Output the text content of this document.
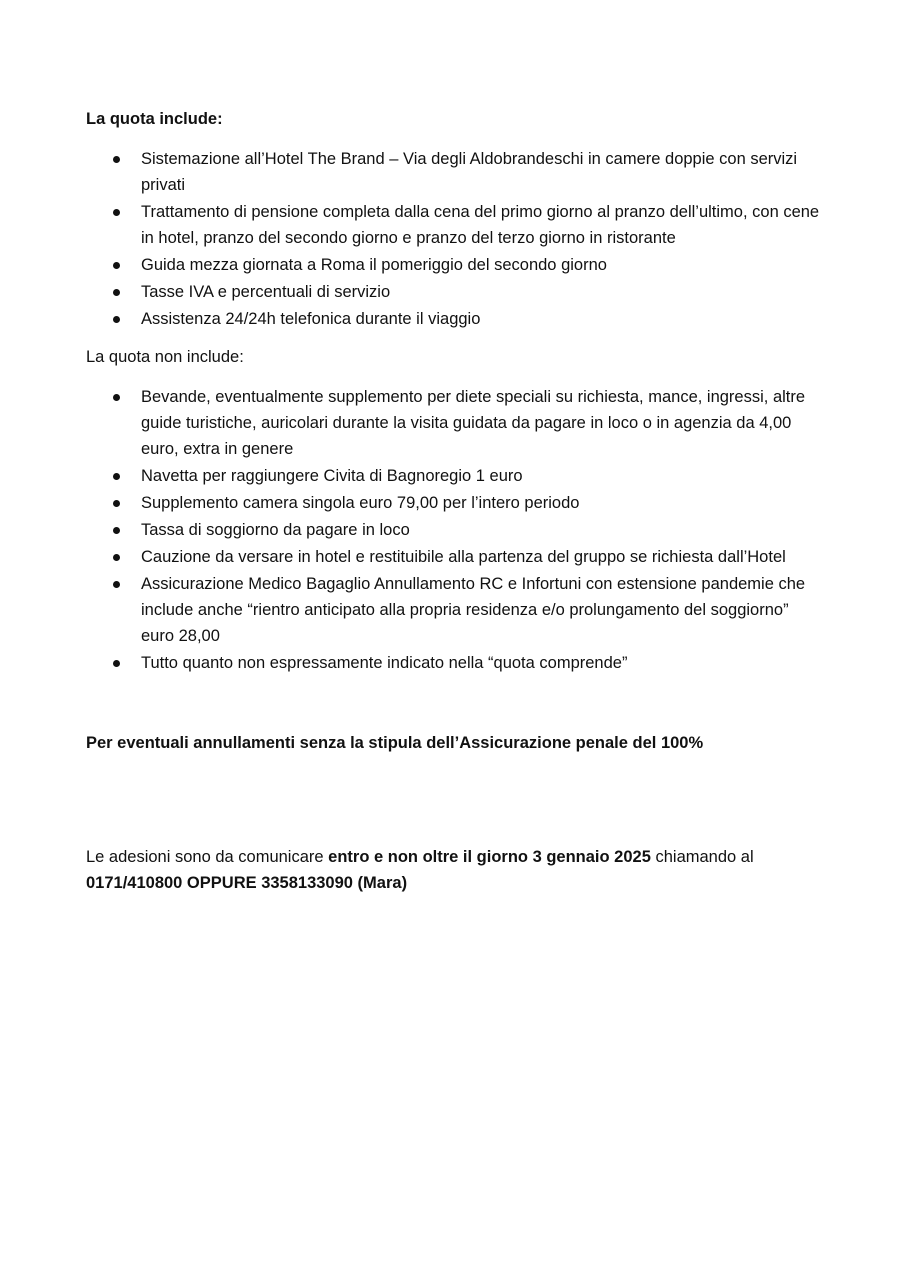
La quota include:
Sistemazione all’Hotel The Brand – Via degli Aldobrandeschi in camere doppie con servizi privati
Trattamento di pensione completa dalla cena del primo giorno al pranzo dell’ultimo, con cene in hotel, pranzo del secondo giorno e pranzo del terzo giorno in ristorante
Guida mezza giornata a Roma il pomeriggio del secondo giorno
Tasse IVA e percentuali di servizio
Assistenza 24/24h telefonica durante il viaggio
La quota non include:
Bevande, eventualmente supplemento per diete speciali su richiesta, mance, ingressi, altre guide turistiche, auricolari durante la visita guidata da pagare in loco o in agenzia da 4,00 euro, extra in genere
Navetta per raggiungere Civita di Bagnoregio 1 euro
Supplemento camera singola euro 79,00 per l’intero periodo
Tassa di soggiorno da pagare in loco
Cauzione da versare in hotel e restituibile alla partenza del gruppo se richiesta dall’Hotel
Assicurazione Medico Bagaglio Annullamento RC e Infortuni con estensione pandemie che include anche “rientro anticipato alla propria residenza e/o prolungamento del soggiorno” euro 28,00
Tutto quanto non espressamente indicato nella “quota comprende”
Per eventuali annullamenti senza la stipula dell’Assicurazione penale del 100%
Le adesioni sono da comunicare entro e non oltre il giorno 3 gennaio 2025 chiamando al 0171/410800 OPPURE 3358133090 (Mara)
